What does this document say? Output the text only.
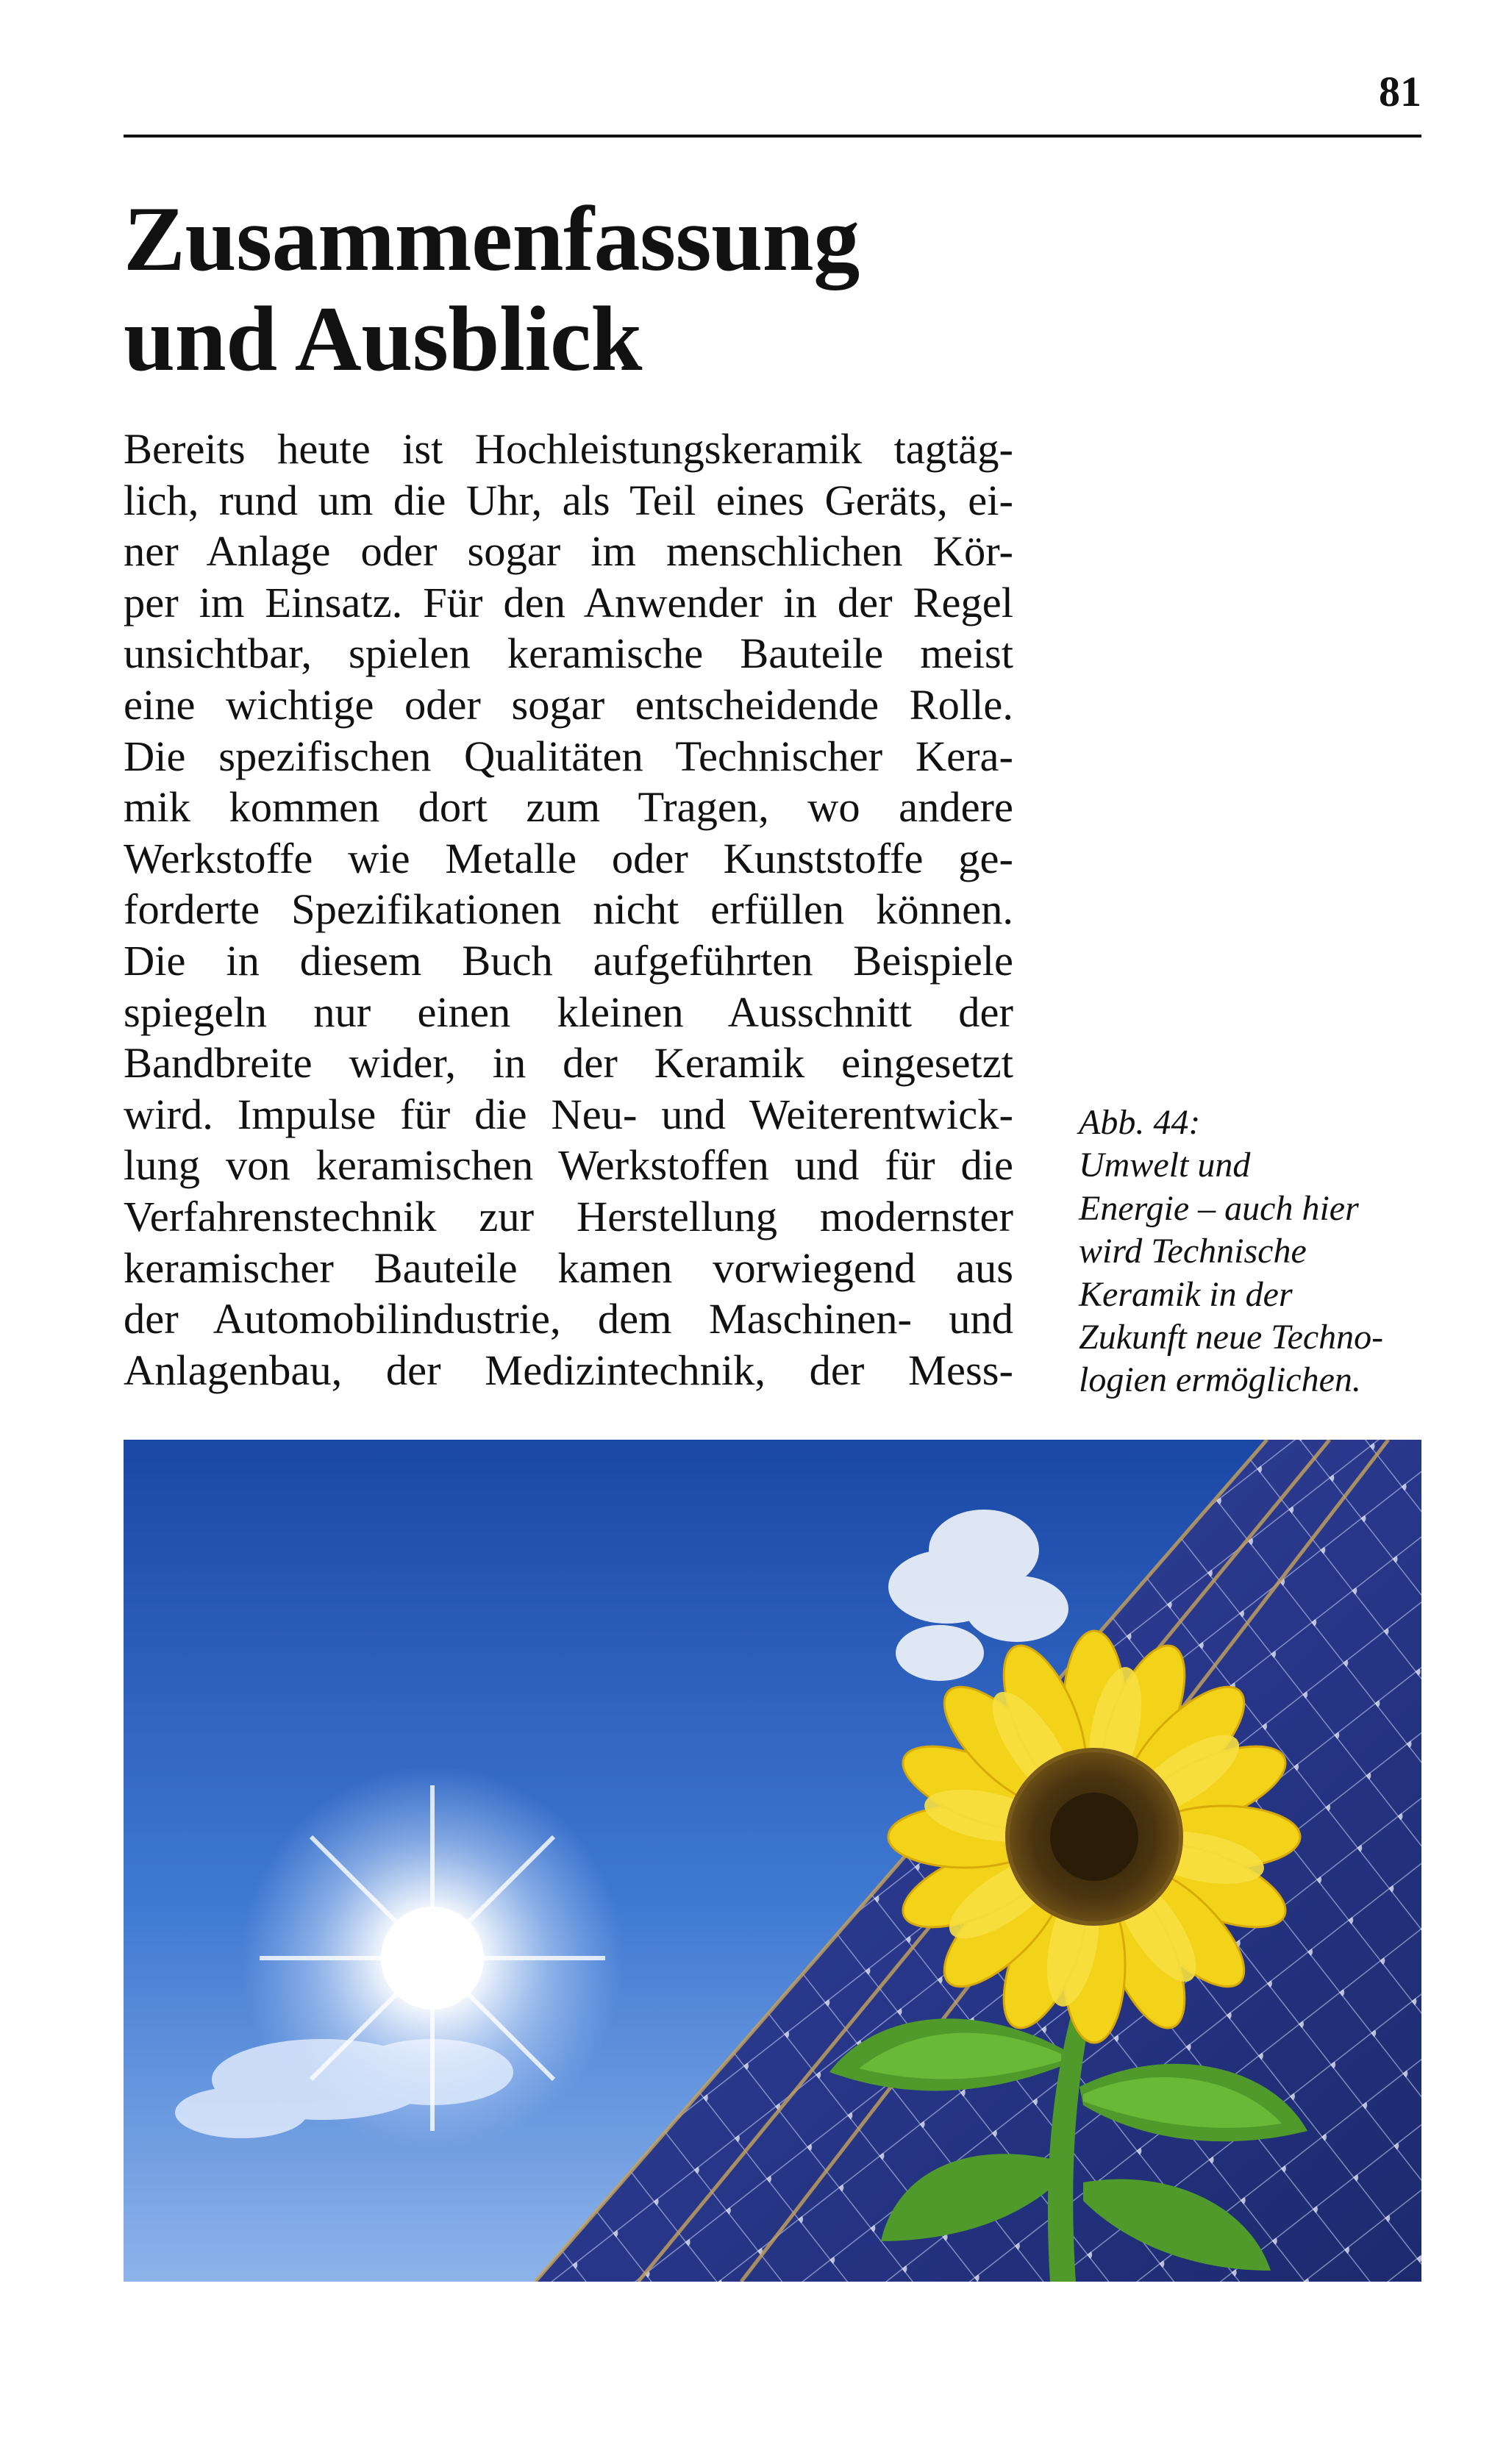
81
Zusammenfassung
und Ausblick
Bereits heute ist Hochleistungskeramik tagtäg-
lich, rund um die Uhr, als Teil eines Geräts, ei-
ner Anlage oder sogar im menschlichen Kör-
per im Einsatz. Für den Anwender in der Regel
unsichtbar, spielen keramische Bauteile meist
eine wichtige oder sogar entscheidende Rolle.
Die spezifischen Qualitäten Technischer Kera-
mik kommen dort zum Tragen, wo andere
Werkstoffe wie Metalle oder Kunststoffe ge-
forderte Spezifikationen nicht erfüllen können.
Die in diesem Buch aufgeführten Beispiele
spiegeln nur einen kleinen Ausschnitt der
Bandbreite wider, in der Keramik eingesetzt
wird. Impulse für die Neu- und Weiterentwick-
lung von keramischen Werkstoffen und für die
Verfahrenstechnik zur Herstellung modernster
keramischer Bauteile kamen vorwiegend aus
der Automobilindustrie, dem Maschinen- und
Anlagenbau, der Medizintechnik, der Mess-
Abb. 44:
Umwelt und
Energie – auch hier
wird Technische
Keramik in der
Zukunft neue Techno-
logien ermöglichen.
